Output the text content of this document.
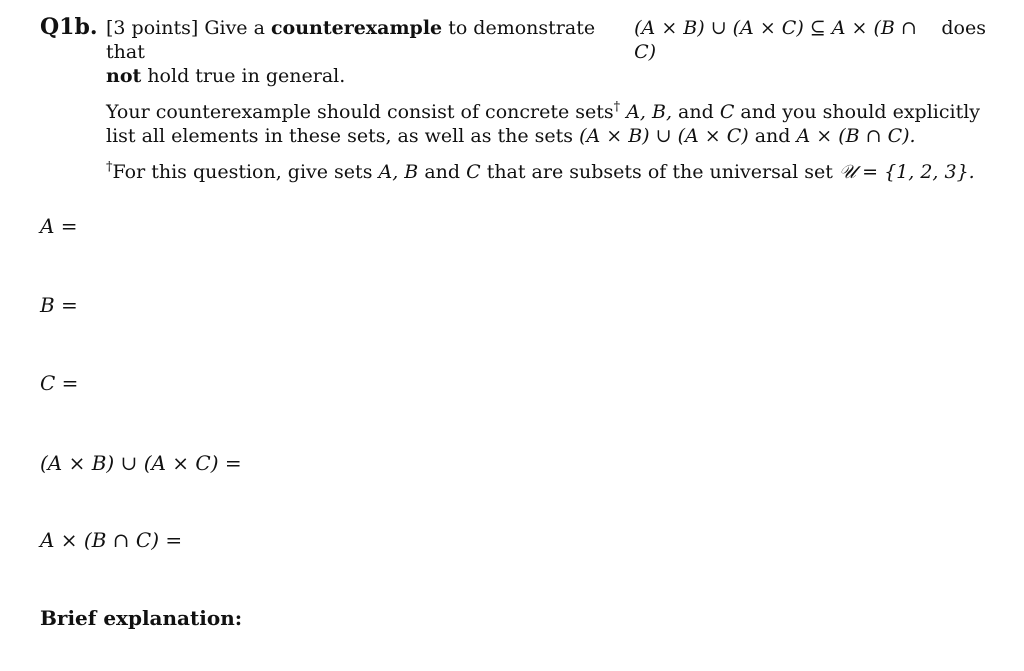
Q1b. [3 points] Give a counterexample to demonstrate that
(A × B) ∪ (A × C) ⊆ A × (B ∩ C)
does

not hold true in general.

Your counterexample should consist of concrete sets† A, B, and C and you should explicitly list all elements in these sets, as well as the sets (A × B) ∪ (A × C) and A × (B ∩ C).

†For this question, give sets A, B and C that are subsets of the universal set 𝒰 = {1, 2, 3}.

A =
B =
C =
(A × B) ∪ (A × C) =
A × (B ∩ C) =
Brief explanation:
